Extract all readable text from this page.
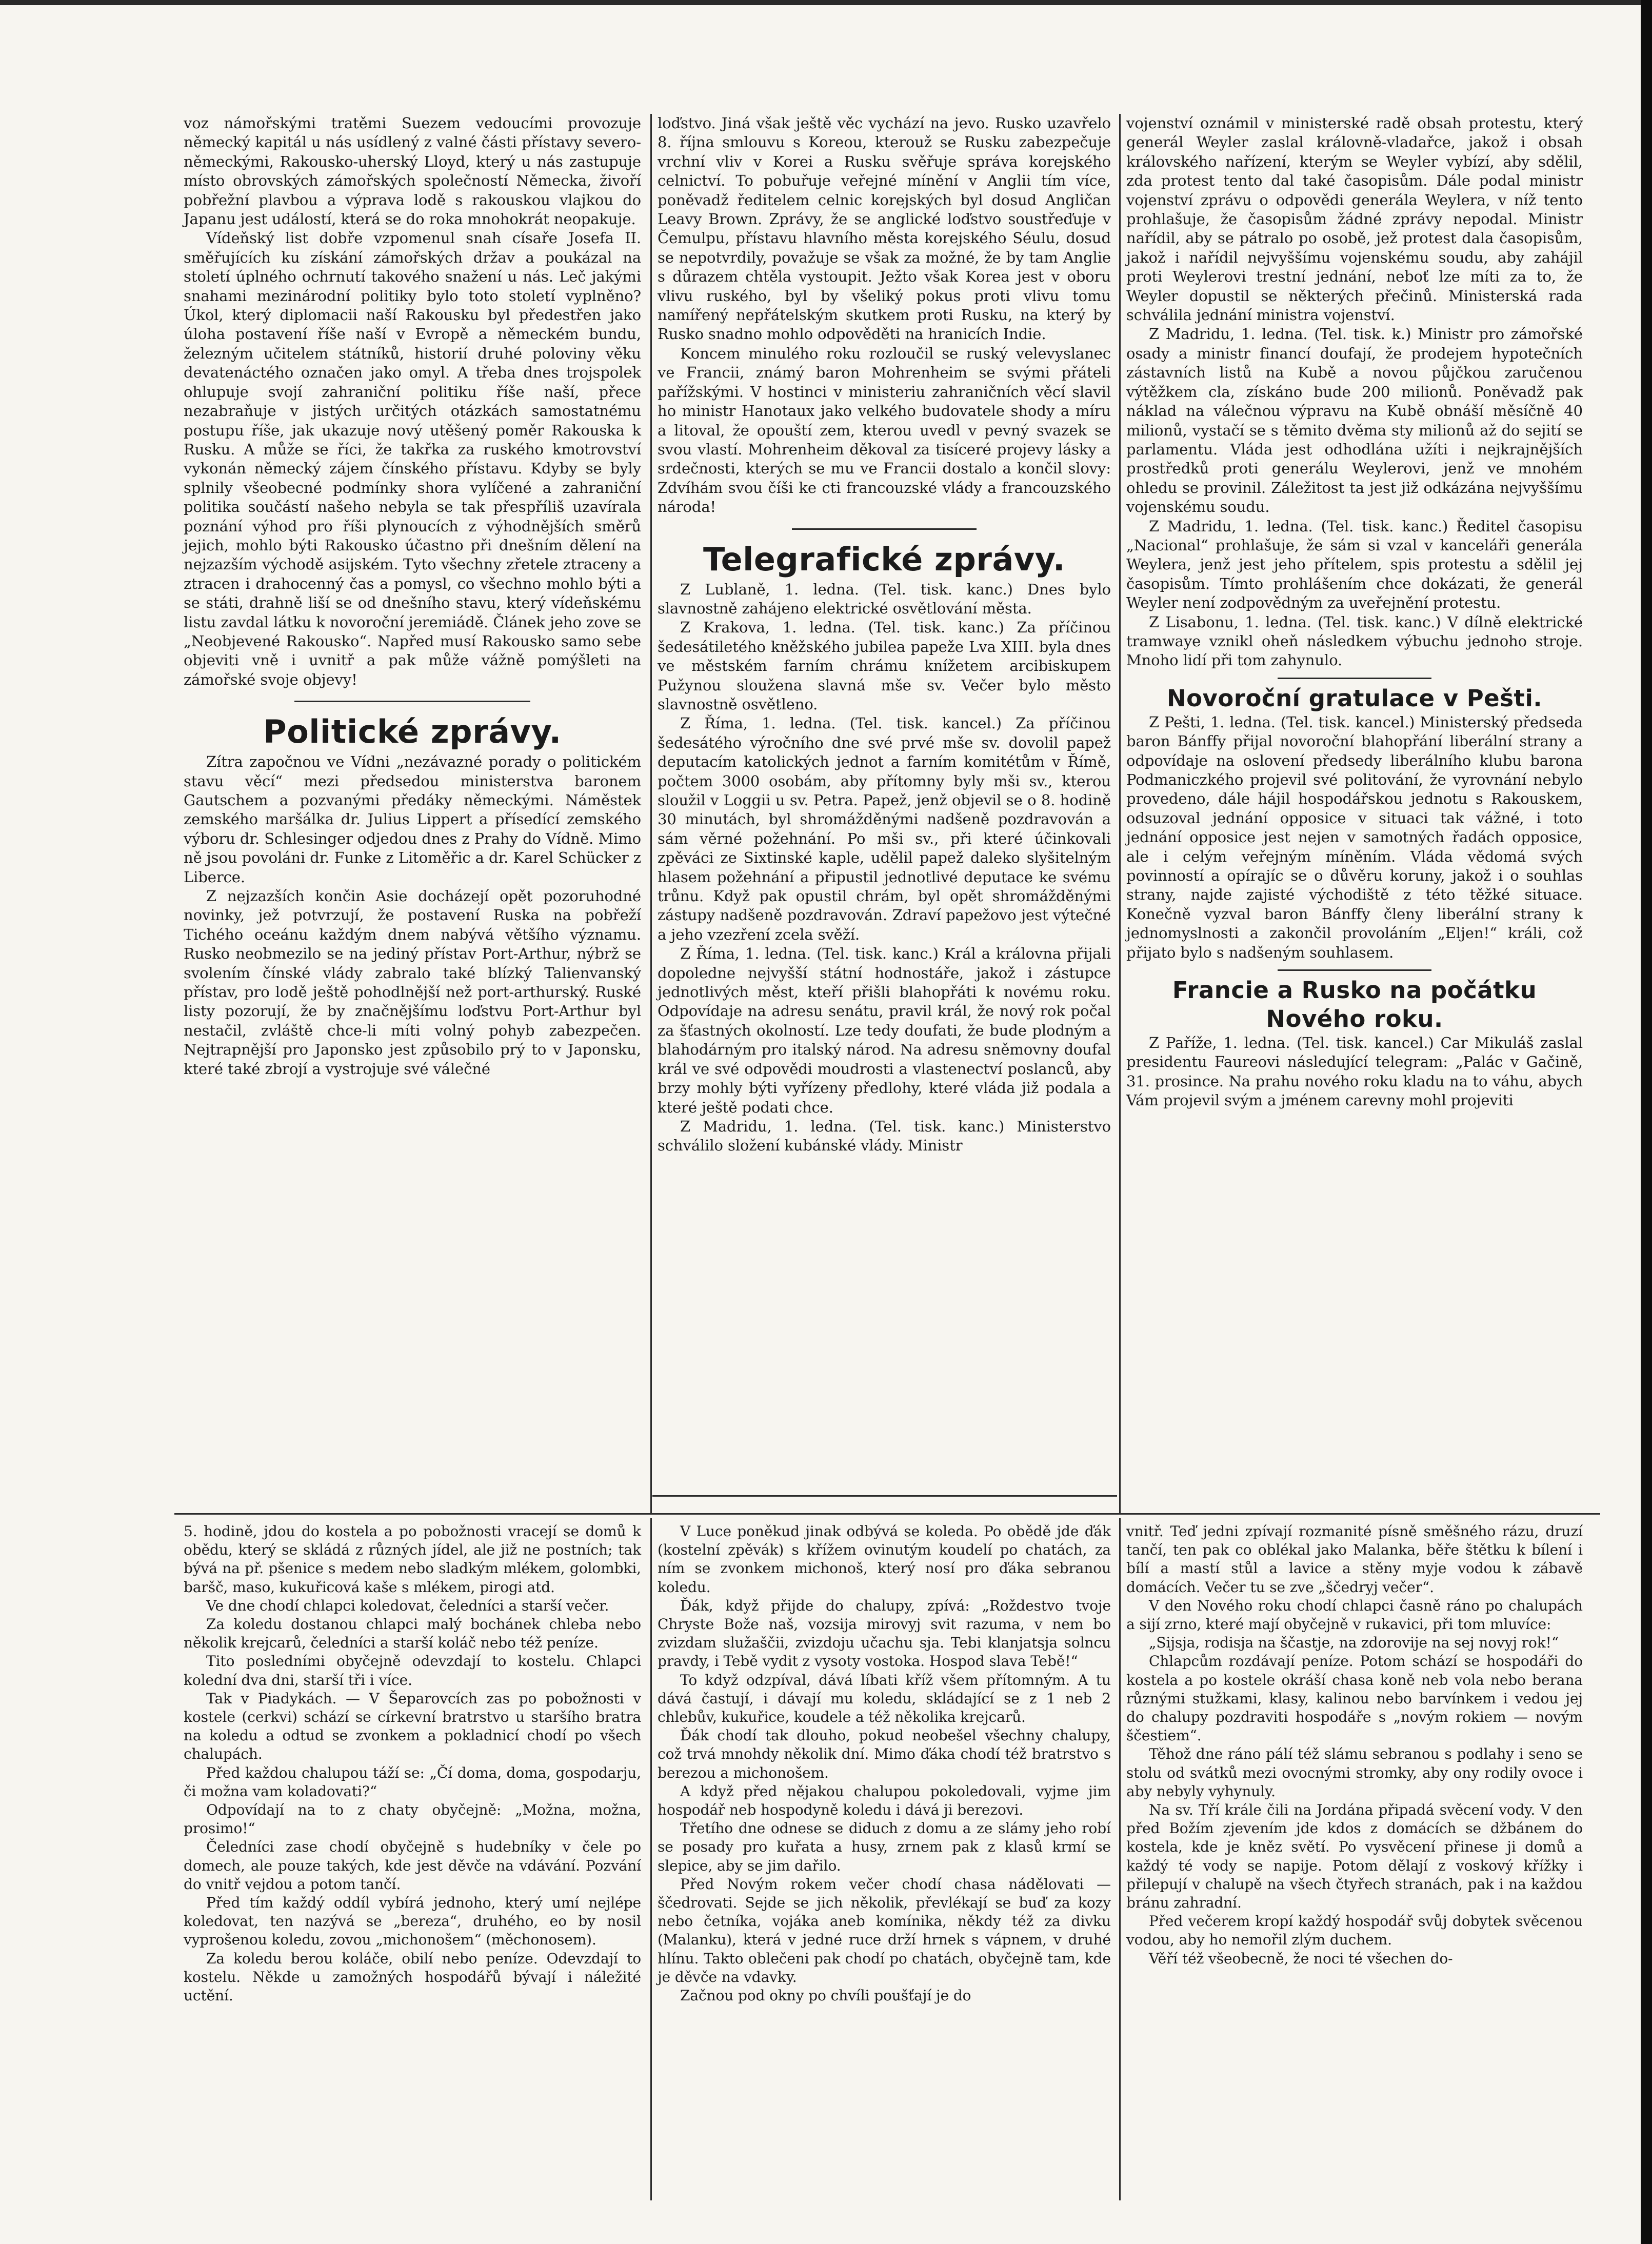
voz námořskými tratěmi Suezem vedoucími provozuje německý kapitál u nás usídlený z valné části přístavy severo-německými, Rakousko-uherský Lloyd, který u nás zastupuje místo obrovských zámořských společností Německa, živoří pobřežní plavbou a výprava lodě s rakouskou vlajkou do Japanu jest událostí, která se do roka mnohokrát neopakuje.

Vídeňský list dobře vzpomenul snah císaře Josefa II. směřujících ku získání zámořských držav a poukázal na století úplného ochrnutí takového snažení u nás. Leč jakými snahami mezinárodní politiky bylo toto století vyplněno? Úkol, který diplomacii naší Rakousku byl předestřen jako úloha postavení říše naší v Evropě a německém bundu, železným učitelem státníků, historií druhé poloviny věku devatenáctého označen jako omyl. A třeba dnes trojspolek ohlupuje svojí zahraniční politiku říše naší, přece nezabraňuje v jistých určitých otázkách samostatnému postupu říše, jak ukazuje nový utěšený poměr Rakouska k Rusku. A může se říci, že takřka za ruského kmotrovství vykonán německý zájem čínského přístavu. Kdyby se byly splnily všeobecné podmínky shora vylíčené a zahraniční politika součástí našeho nebyla se tak přespříliš uzavírala poznání výhod pro říši plynoucích z výhodnějších směrů jejich, mohlo býti Rakousko účastno při dnešním dělení na nejzazším východě asijském. Tyto všechny zřetele ztraceny a ztracen i drahocenný čas a pomysl, co všechno mohlo býti a se státi, drahně liší se od dnešního stavu, který vídeňskému listu zavdal látku k novoroční jeremiádě. Článek jeho zove se „Neobjevené Rakousko“. Napřed musí Rakousko samo sebe objeviti vně i uvnitř a pak může vážně pomýšleti na zámořské svoje objevy!

Politické zprávy.

Zítra započnou ve Vídni „nezávazné porady o politickém stavu věcí“ mezi předsedou ministerstva baronem Gautschem a pozvanými předáky německými. Náměstek zemského maršálka dr. Julius Lippert a přísedící zemského výboru dr. Schlesinger odjedou dnes z Prahy do Vídně. Mimo ně jsou povoláni dr. Funke z Litoměřic a dr. Karel Schücker z Liberce.

Z nejzazších končin Asie docházejí opět pozoruhodné novinky, jež potvrzují, že postavení Ruska na pobřeží Tichého oceánu každým dnem nabývá většího významu. Rusko neobmezilo se na jediný přístav Port-Arthur, nýbrž se svolením čínské vlády zabralo také blízký Talienvanský přístav, pro lodě ještě pohodlnější než port-arthurský. Ruské listy pozorují, že by značnějšímu loďstvu Port-Arthur byl nestačil, zvláště chce-li míti volný pohyb zabezpečen. Nejtrapnější pro Japonsko jest způsobilo prý to v Japonsku, které také zbrojí a vystrojuje své válečné

loďstvo. Jiná však ještě věc vychází na jevo. Rusko uzavřelo 8. října smlouvu s Koreou, kterouž se Rusku zabezpečuje vrchní vliv v Korei a Rusku svěřuje správa korejského celnictví. To pobuřuje veřejné mínění v Anglii tím více, poněvadž ředitelem celnic korejských byl dosud Angličan Leavy Brown. Zprávy, že se anglické loďstvo soustřeďuje v Čemulpu, přístavu hlavního města korejského Séulu, dosud se nepotvrdily, považuje se však za možné, že by tam Anglie s důrazem chtěla vystoupit. Ježto však Korea jest v oboru vlivu ruského, byl by všeliký pokus proti vlivu tomu namířený nepřátelským skutkem proti Rusku, na který by Rusko snadno mohlo odpověděti na hranicích Indie.

Koncem minulého roku rozloučil se ruský velevyslanec ve Francii, známý baron Mohrenheim se svými přáteli pařížskými. V hostinci v ministeriu zahraničních věcí slavil ho ministr Hanotaux jako velkého budovatele shody a míru a litoval, že opouští zem, kterou uvedl v pevný svazek se svou vlastí. Mohrenheim děkoval za tisíceré projevy lásky a srdečnosti, kterých se mu ve Francii dostalo a končil slovy: Zdvíhám svou číši ke cti francouzské vlády a francouzského národa!

Telegrafické zprávy.

Z Lublaně, 1. ledna. (Tel. tisk. kanc.) Dnes bylo slavnostně zahájeno elektrické osvětlování města.

Z Krakova, 1. ledna. (Tel. tisk. kanc.) Za příčinou šedesátiletého kněžského jubilea papeže Lva XIII. byla dnes ve městském farním chrámu knížetem arcibiskupem Pužynou sloužena slavná mše sv. Večer bylo město slavnostně osvětleno.

Z Říma, 1. ledna. (Tel. tisk. kancel.) Za příčinou šedesátého výročního dne své prvé mše sv. dovolil papež deputacím katolických jednot a farním komitétům v Římě, počtem 3000 osobám, aby přítomny byly mši sv., kterou sloužil v Loggii u sv. Petra. Papež, jenž objevil se o 8. hodině 30 minutách, byl shromážděnými nadšeně pozdravován a sám věrné požehnání. Po mši sv., při které účinkovali zpěváci ze Sixtinské kaple, udělil papež daleko slyšitelným hlasem požehnání a připustil jednotlivé deputace ke svému trůnu. Když pak opustil chrám, byl opět shromážděnými zástupy nadšeně pozdravován. Zdraví papežovo jest výtečné a jeho vzezření zcela svěží.

Z Říma, 1. ledna. (Tel. tisk. kanc.) Král a královna přijali dopoledne nejvyšší státní hodnostáře, jakož i zástupce jednotlivých měst, kteří přišli blahopřáti k novému roku. Odpovídaje na adresu senátu, pravil král, že nový rok počal za šťastných okolností. Lze tedy doufati, že bude plodným a blahodárným pro italský národ. Na adresu sněmovny doufal král ve své odpovědi moudrosti a vlastenectví poslanců, aby brzy mohly býti vyřízeny předlohy, které vláda již podala a které ještě podati chce.

Z Madridu, 1. ledna. (Tel. tisk. kanc.) Ministerstvo schválilo složení kubánské vlády. Ministr

vojenství oznámil v ministerské radě obsah protestu, který generál Weyler zaslal královně-vladařce, jakož i obsah královského nařízení, kterým se Weyler vybízí, aby sdělil, zda protest tento dal také časopisům. Dále podal ministr vojenství zprávu o odpovědi generála Weylera, v níž tento prohlašuje, že časopisům žádné zprávy nepodal. Ministr nařídil, aby se pátralo po osobě, jež protest dala časopisům, jakož i nařídil nejvyššímu vojenskému soudu, aby zahájil proti Weylerovi trestní jednání, neboť lze míti za to, že Weyler dopustil se některých přečinů. Ministerská rada schválila jednání ministra vojenství.

Z Madridu, 1. ledna. (Tel. tisk. k.) Ministr pro zámořské osady a ministr financí doufají, že prodejem hypotečních zástavních listů na Kubě a novou půjčkou zaručenou výtěžkem cla, získáno bude 200 milionů. Poněvadž pak náklad na válečnou výpravu na Kubě obnáší měsíčně 40 milionů, vystačí se s těmito dvěma sty milionů až do sejití se parlamentu. Vláda jest odhodlána užíti i nejkrajnějších prostředků proti generálu Weylerovi, jenž ve mnohém ohledu se provinil. Záležitost ta jest již odkázána nejvyššímu vojenskému soudu.

Z Madridu, 1. ledna. (Tel. tisk. kanc.) Ředitel časopisu „Nacional“ prohlašuje, že sám si vzal v kanceláři generála Weylera, jenž jest jeho přítelem, spis protestu a sdělil jej časopisům. Tímto prohlášením chce dokázati, že generál Weyler není zodpovědným za uveřejnění protestu.

Z Lisabonu, 1. ledna. (Tel. tisk. kanc.) V dílně elektrické tramwaye vznikl oheň následkem výbuchu jednoho stroje. Mnoho lidí při tom zahynulo.

Novoroční gratulace v Pešti.

Z Pešti, 1. ledna. (Tel. tisk. kancel.) Ministerský předseda baron Bánffy přijal novoroční blahopřání liberální strany a odpovídaje na oslovení předsedy liberálního klubu barona Podmaniczkého projevil své politování, že vyrovnání nebylo provedeno, dále hájil hospodářskou jednotu s Rakouskem, odsuzoval jednání opposice v situaci tak vážné, i toto jednání opposice jest nejen v samotných řadách opposice, ale i celým veřejným míněním. Vláda vědomá svých povinností a opírajíc se o důvěru koruny, jakož i o souhlas strany, najde zajisté východiště z této těžké situace. Konečně vyzval baron Bánffy členy liberální strany k jednomyslnosti a zakončil provoláním „Eljen!“ králi, což přijato bylo s nadšeným souhlasem.

Francie a Rusko na počátku Nového roku.

Z Paříže, 1. ledna. (Tel. tisk. kancel.) Car Mikuláš zaslal presidentu Faureovi následující telegram: „Palác v Gačině, 31. prosince. Na prahu nového roku kladu na to váhu, abych Vám projevil svým a jménem carevny mohl projeviti

5. hodině, jdou do kostela a po pobožnosti vracejí se domů k obědu, který se skládá z různých jídel, ale již ne postních; tak bývá na př. pšenice s medem nebo sladkým mlékem, golombki, baršč, maso, kukuřicová kaše s mlékem, pirogi atd.

Ve dne chodí chlapci koledovat, čeledníci a starší večer.

Za koledu dostanou chlapci malý bochánek chleba nebo několik krejcarů, čeledníci a starší koláč nebo též peníze.

Tito posledními obyčejně odevzdají to kostelu. Chlapci kolední dva dni, starší tři i více.

Tak v Piadykách. — V Šeparovcích zas po pobožnosti v kostele (cerkvi) schází se církevní bratrstvo u staršího bratra na koledu a odtud se zvonkem a pokladnicí chodí po všech chalupách.

Před každou chalupou táží se: „Čí doma, doma, gospodarju, či možna vam koladovati?“

Odpovídají na to z chaty obyčejně: „Možna, možna, prosimo!“

Čeledníci zase chodí obyčejně s hudebníky v čele po domech, ale pouze takých, kde jest děvče na vdávání. Pozvání do vnitř vejdou a potom tančí.

Před tím každý oddíl vybírá jednoho, který umí nejlépe koledovat, ten nazývá se „bereza“, druhého, eo by nosil vyprošenou koledu, zovou „michonošem“ (měchonosem).

Za koledu berou koláče, obilí nebo peníze. Odevzdají to kostelu. Někde u zamožných hospodářů bývají i náležité uctění.

V Luce poněkud jinak odbývá se koleda. Po obědě jde ďák (kostelní zpěvák) s křížem ovinutým koudelí po chatách, za ním se zvonkem michonoš, který nosí pro ďáka sebranou koledu.

Ďák, když přijde do chalupy, zpívá: „Roždestvo tvoje Chryste Bože naš, vozsija mirovyj svit razuma, v nem bo zvizdam služaščii, zvizdoju učachu sja. Tebi klanjatsja solncu pravdy, i Tebě vydit z vysoty vostoka. Hospod slava Tebě!“

To když odzpíval, dává líbati kříž všem přítomným. A tu dává častují, i dávají mu koledu, skládající se z 1 neb 2 chlebův, kukuřice, koudele a též několika krejcarů.

Ďák chodí tak dlouho, pokud neobešel všechny chalupy, což trvá mnohdy několik dní. Mimo ďáka chodí též bratrstvo s berezou a michonošem.

A když před nějakou chalupou pokoledovali, vyjme jim hospodář neb hospodyně koledu i dává ji berezovi.

Třetího dne odnese se diduch z domu a ze slámy jeho robí se posady pro kuřata a husy, zrnem pak z klasů krmí se slepice, aby se jim dařilo.

Před Novým rokem večer chodí chasa nádělovati — ščedrovati. Sejde se jich několik, převlékají se buď za kozy nebo četníka, vojáka aneb komínika, někdy též za divku (Malanku), která v jedné ruce drží hrnek s vápnem, v druhé hlínu. Takto oblečeni pak chodí po chatách, obyčejně tam, kde je děvče na vdavky.

Začnou pod okny po chvíli poušťají je do

vnitř. Teď jedni zpívají rozmanité písně směšného rázu, druzí tančí, ten pak co oblékal jako Malanka, běře štětku k bílení i bílí a mastí stůl a lavice a stěny myje vodou k zábavě domácích. Večer tu se zve „ščedryj večer“.

V den Nového roku chodí chlapci časně ráno po chalupách a sijí zrno, které mají obyčejně v rukavici, při tom mluvíce:

„Sijsja, rodisja na ščastje, na zdorovije na sej novyj rok!“

Chlapcům rozdávají peníze. Potom schází se hospodáři do kostela a po kostele okráší chasa koně neb vola nebo berana různými stužkami, klasy, kalinou nebo barvínkem i vedou jej do chalupy pozdraviti hospodáře s „novým rokiem — novým ščestiem“.

Těhož dne ráno pálí též slámu sebranou s podlahy i seno se stolu od svátků mezi ovocnými stromky, aby ony rodily ovoce i aby nebyly vyhynuly.

Na sv. Tří krále čili na Jordána připadá svěcení vody. V den před Božím zjevením jde kdos z domácích se džbánem do kostela, kde je kněz světí. Po vysvěcení přinese ji domů a každý té vody se napije. Potom dělají z voskový křížky i přilepují v chalupě na všech čtyřech stranách, pak i na každou bránu zahradní.

Před večerem kropí každý hospodář svůj dobytek svěcenou vodou, aby ho nemořil zlým duchem.

Věří též všeobecně, že noci té všechen do-
